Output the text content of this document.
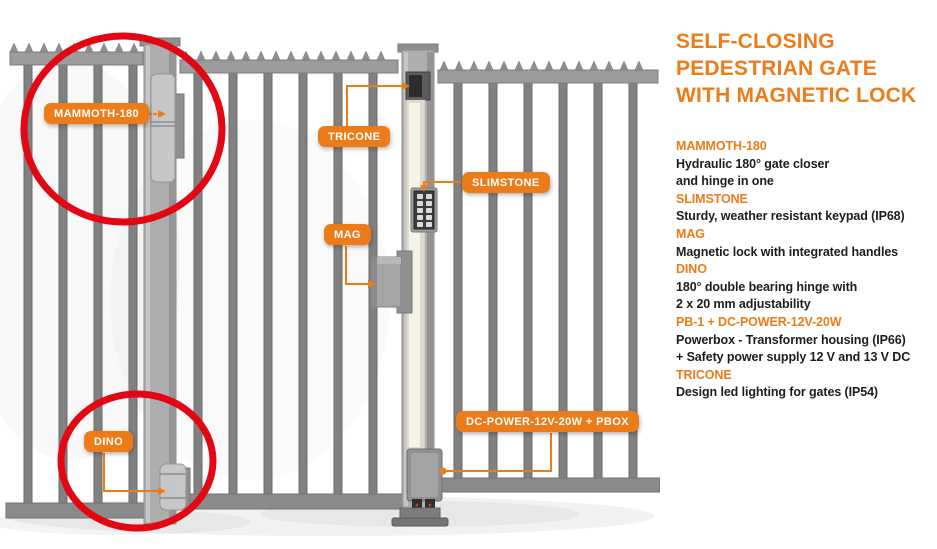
MAMMOTH-180
TRICONE
SLIMSTONE
MAG
DINO
DC-POWER-12V-20W + PBOX
SELF-CLOSING
PEDESTRIAN GATE
WITH MAGNETIC LOCK
MAMMOTH-180
Hydraulic 180° gate closer
and hinge in one
SLIMSTONE
Sturdy, weather resistant keypad (IP68)
MAG
Magnetic lock with integrated handles
DINO
180° double bearing hinge with
2 x 20 mm adjustability
PB-1 + DC-POWER-12V-20W
Powerbox - Transformer housing (IP66)
+ Safety power supply 12 V and 13 V DC
TRICONE
Design led lighting for gates (IP54)
